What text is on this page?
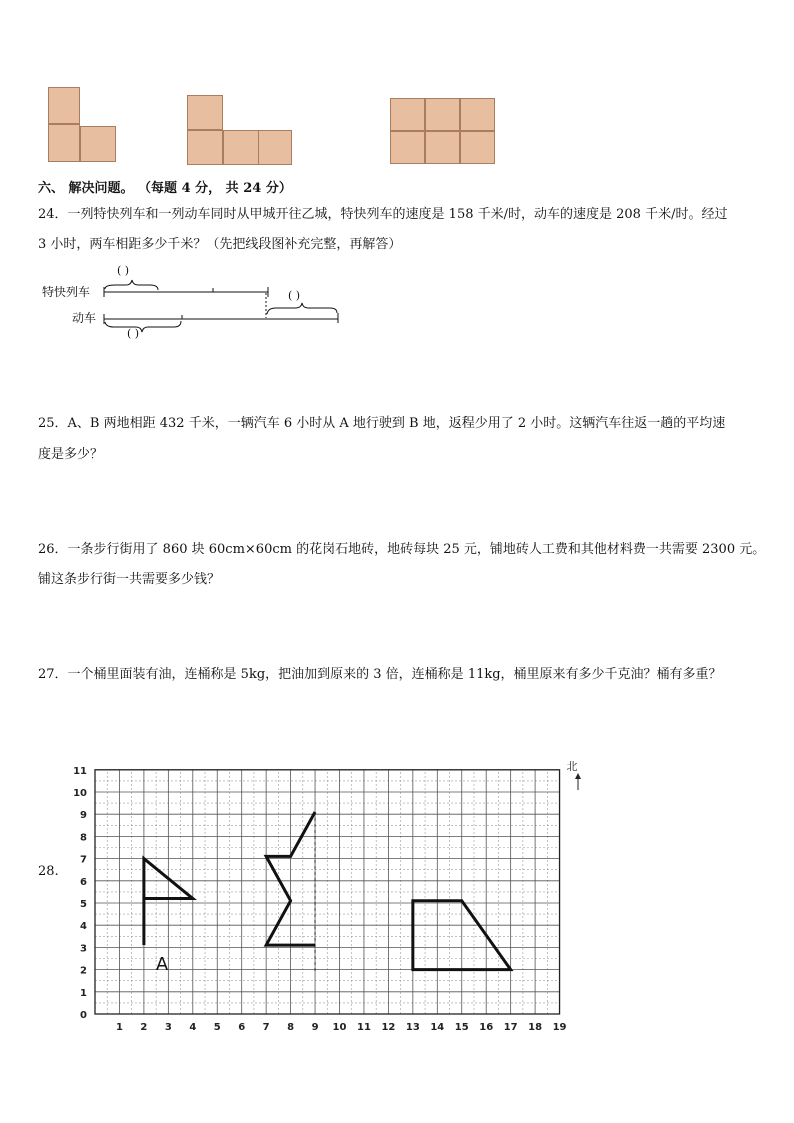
六、 解决问题。 （每题 4 分， 共 24 分）
24．一列特快列车和一列动车同时从甲城开往乙城，特快列车的速度是 158 千米/时，动车的速度是 208 千米/时。经过
3 小时，两车相距多少千米？（先把线段图补充完整，再解答）
特快列车
动车
( )
( )
( )
25．A、B 两地相距 432 千米，一辆汽车 6 小时从 A 地行驶到 B 地，返程少用了 2 小时。这辆汽车往返一趟的平均速
度是多少？
26．一条步行街用了 860 块 60cm×60cm 的花岗石地砖，地砖每块 25 元，铺地砖人工费和其他材料费一共需要 2300 元。
铺这条步行街一共需要多少钱？
27．一个桶里面装有油，连桶称是 5kg，把油加到原来的 3 倍，连桶称是 11kg，桶里原来有多少千克油？桶有多重？
28.
1 2 3 4 5 6 7 8 9 10 11 12 13 14 15 16 17 18 19
0
1
2
3
4
5
6
7
8
9
10
11	北
A
